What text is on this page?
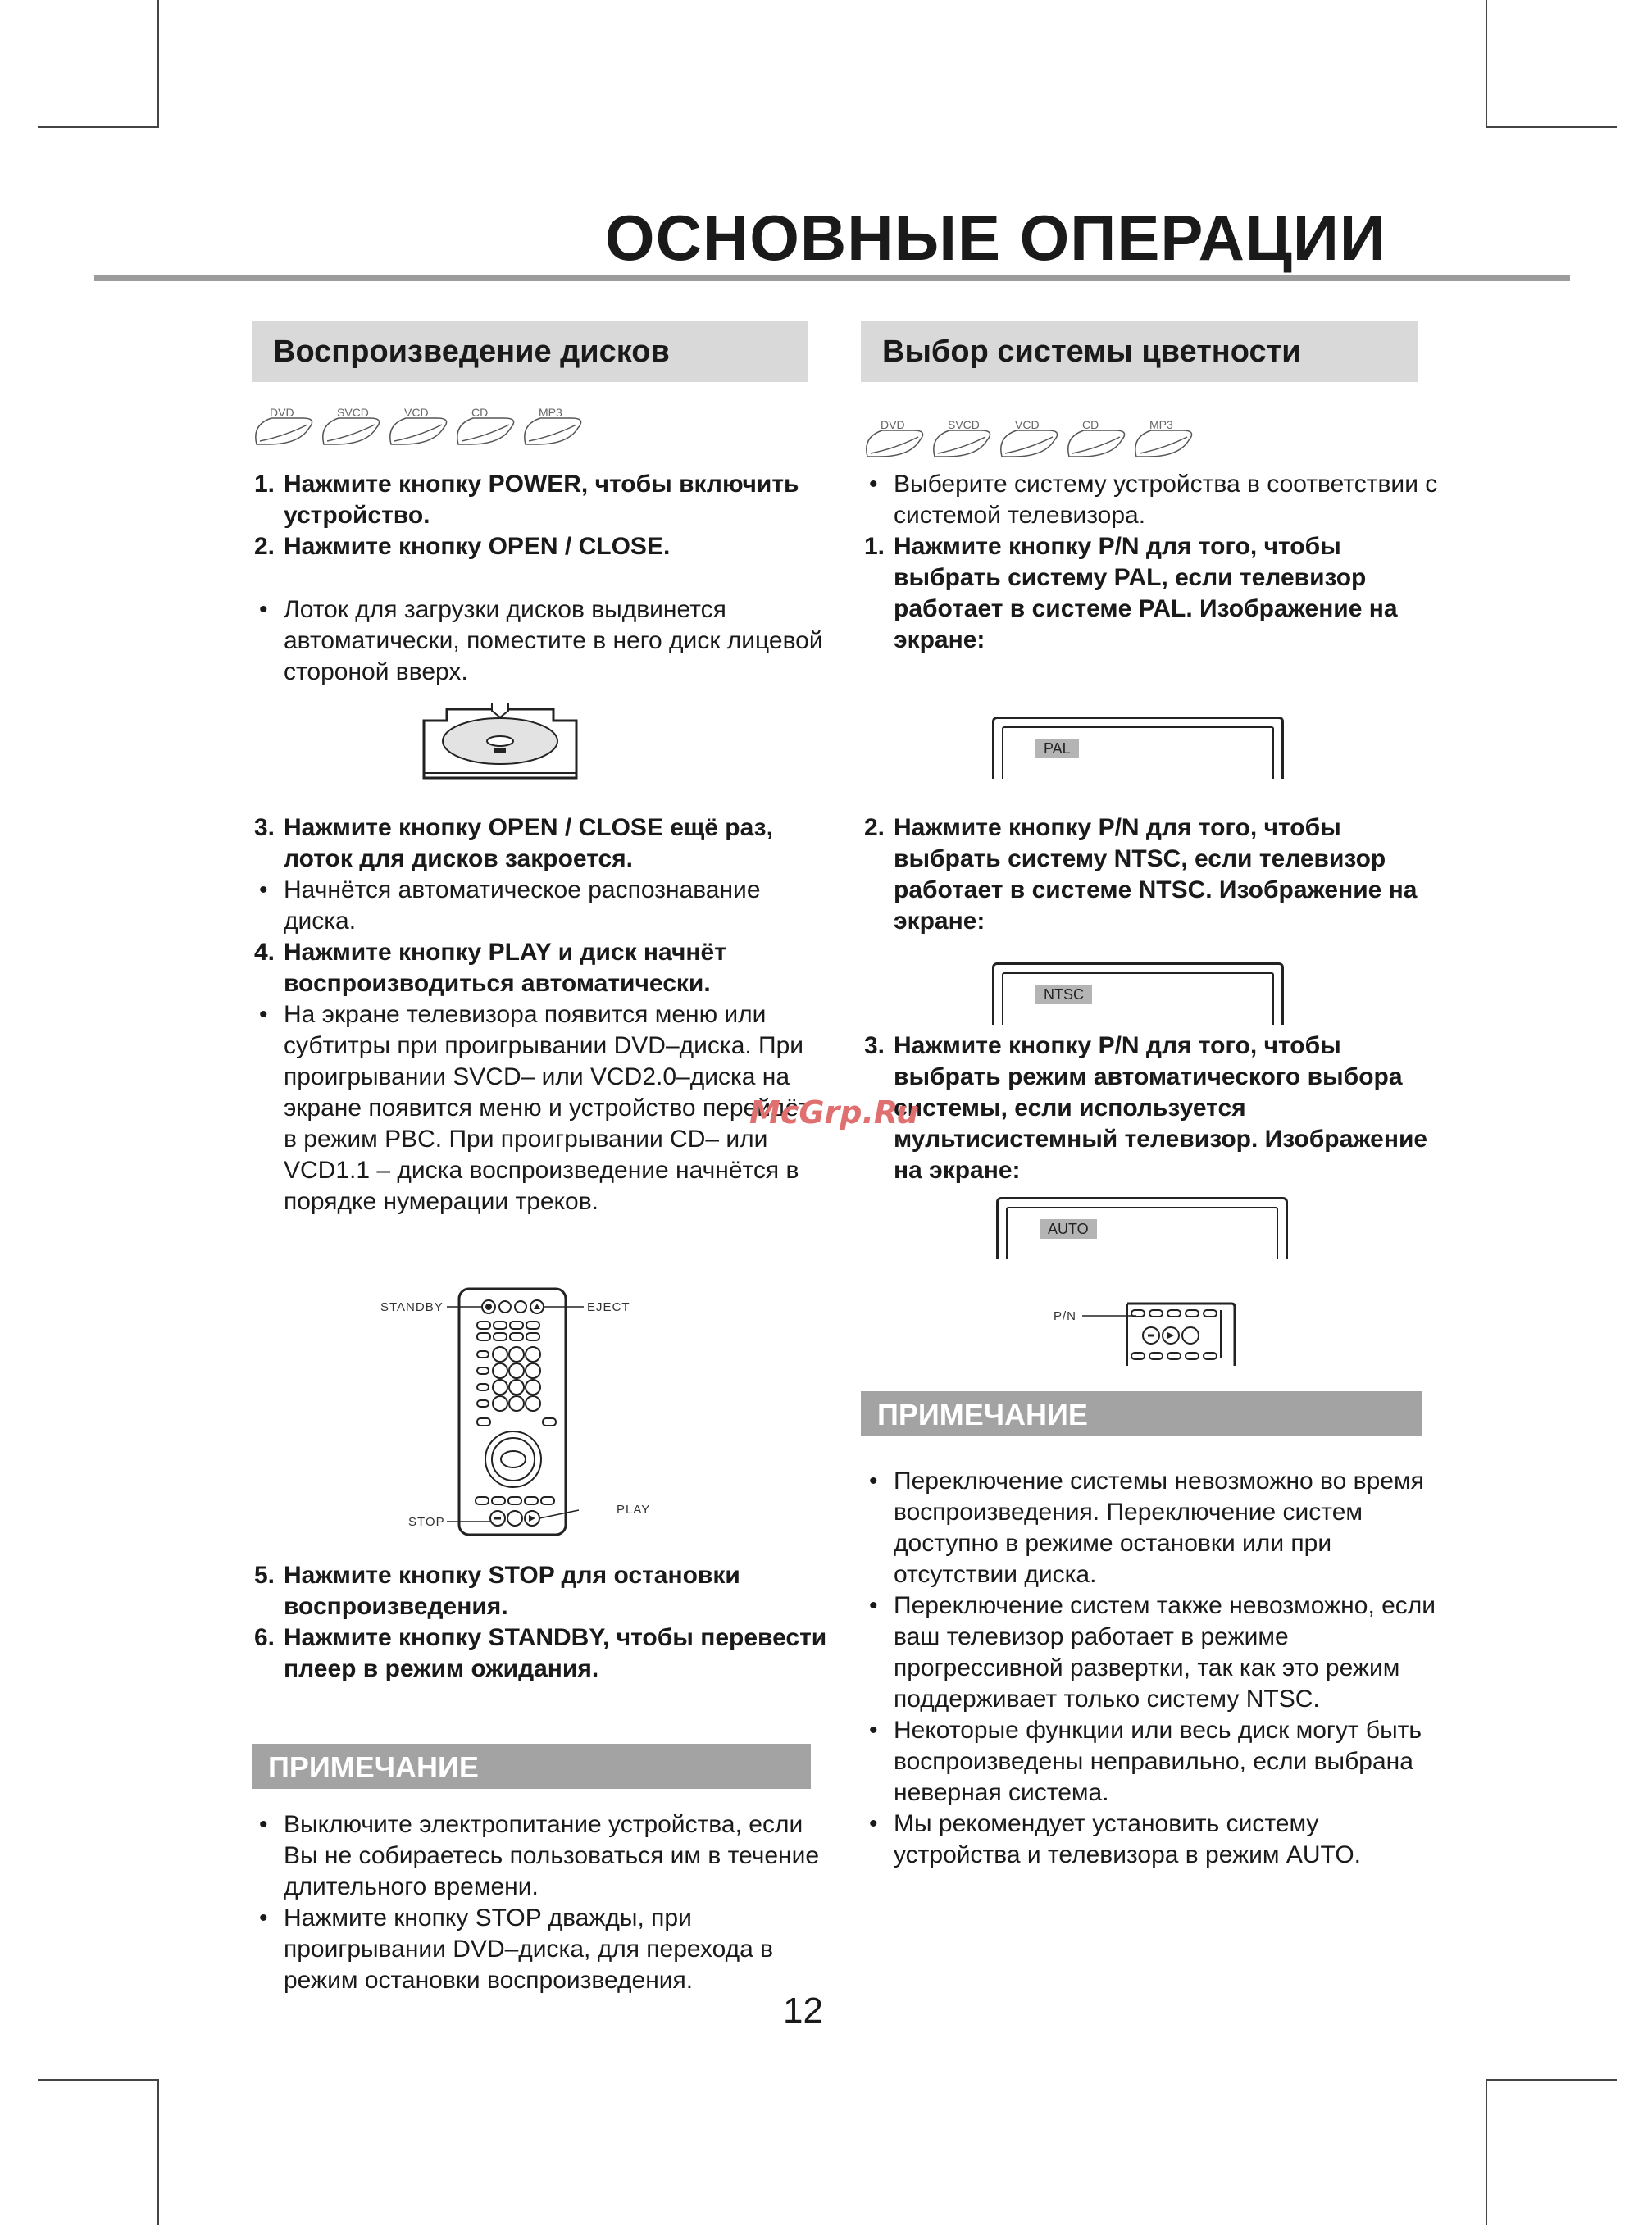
ОСНОВНЫЕ ОПЕРАЦИИ
Воспроизведение дисков
DVD	SVCD	VCD	CD	MP3
1. Нажмите кнопку POWER, чтобы включить устройство.
2. Нажмите кнопку OPEN / CLOSE.
• Лоток для загрузки дисков выдвинется автоматически, поместите в него диск лицевой стороной вверх.
3. Нажмите кнопку OPEN / CLOSE ещё раз, лоток для дисков закроется.
• Начнётся автоматическое распознавание диска.
4. Нажмите кнопку PLAY и диск начнёт воспроизводиться автоматически.
• На экране телевизора появится меню или субтитры при проигрывании DVD–диска. При проигрывании SVCD– или VCD2.0–диска на экране появится меню и устройство перейдёт в режим PBC. При проигрывании CD– или VCD1.1 – диска воспроизведение начнётся в порядке нумерации треков.
STANDBY	EJECT
STOP
PLAY
5. Нажмите кнопку STOP для остановки воспроизведения.
6. Нажмите кнопку STANDBY, чтобы перевести плеер в режим ожидания.
ПРИМЕЧАНИЕ
• Выключите электропитание устройства, если Вы не собираетесь пользоваться им в течение длительного времени.
• Нажмите кнопку STOP дважды, при проигрывании DVD–диска, для перехода в режим остановки воспроизведения.
Выбор системы цветности
DVD	SVCD	VCD	CD	MP3
• Выберите систему устройства в соответствии с системой телевизора.
1. Нажмите кнопку P/N для того, чтобы выбрать систему PAL, если телевизор работает в системе PAL. Изображение на экране:
PAL
2. Нажмите кнопку P/N для того, чтобы выбрать систему NTSC, если телевизор работает в системе NTSC. Изображение на экране:
NTSC
3. Нажмите кнопку P/N для того, чтобы выбрать режим автоматического выбора системы, если используется мультисистемный телевизор. Изображение на экране:
AUTO
P/N
ПРИМЕЧАНИЕ
• Переключение системы невозможно во время воспроизведения. Переключение систем доступно в режиме остановки или при отсутствии диска.
• Переключение систем также невозможно, если ваш телевизор работает в режиме прогрессивной развертки, так как это режим поддерживает только систему NTSC.
• Некоторые функции или весь диск могут быть воспроизведены неправильно, если выбрана неверная система.
• Мы рекомендует установить систему устройства и телевизора в режим AUTO.
McGrp.Ru
12
